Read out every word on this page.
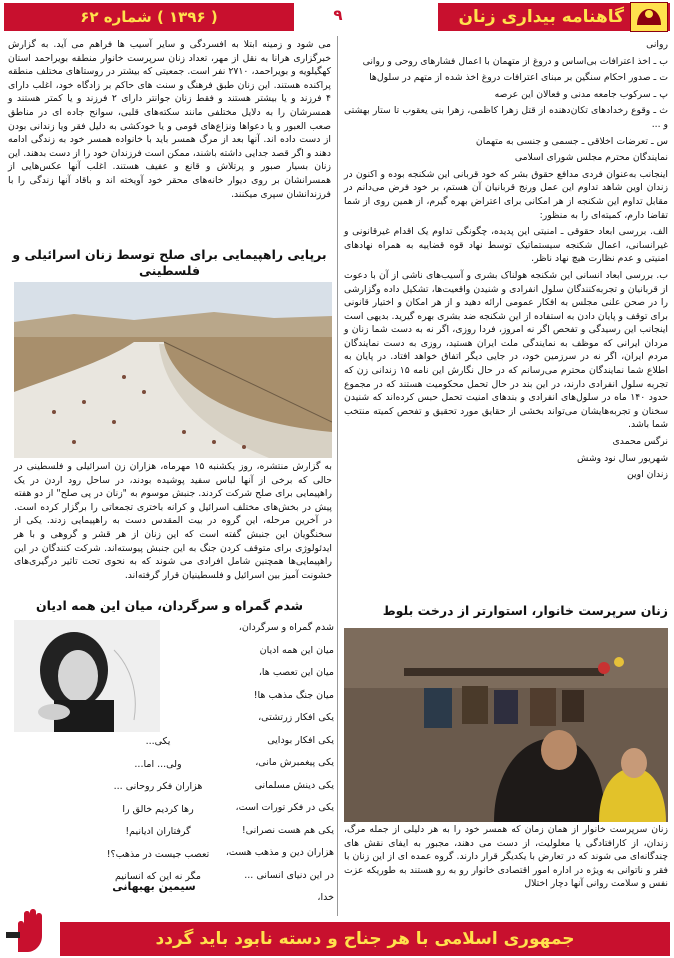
گاهنامه بیداری زنان
۹
( ۱۳۹۶ ) شماره ۶۲

روانی

ب ـ اخذ اعترافات بی‌اساس و دروغ از متهمان با اعمال فشارهای روحی و روانی

ت ـ صدور احکام سنگین بر مبنای اعترافات دروغ اخذ شده از متهم در سلول‌ها

پ ـ سرکوب جامعه مدنی و فعالان این عرصه

ث ـ وقوع رخدادهای تکان‌دهنده از قتل زهرا کاظمی، زهرا بنی یعقوب تا ستار بهشتی و ...

س ـ تعرضات اخلاقی ـ جسمی و جنسی به متهمان

نمایندگان محترم مجلس شورای اسلامی

اینجانب به‌عنوان فردی مدافع حقوق بشر که خود قربانی این شکنجه بوده و اکنون در زندان اوین شاهد تداوم این عمل ورنج قربانیان آن هستم، بر خود فرض می‌دانم در مقابل تداوم این شکنجه از هر امکانی برای اعتراض بهره گیرم، از همین روی از شما تقاضا دارم، کمیته‌ای را به منظور:

الف. بررسی ابعاد حقوقی ـ امنیتی این پدیده، چگونگی تداوم یک اقدام غیرقانونی و غیرانسانی، اعمال شکنجه سیستماتیک توسط نهاد قوه قضاییه به همراه نهادهای امنیتی و عدم نظارت هیچ نهاد ناظر.

ب. بررسی ابعاد انسانی این شکنجه هولناک بشری و آسیب‌های ناشی از آن با دعوت از قربانیان و تجربه‌کنندگان سلول انفرادی و شنیدن واقعیت‌ها، تشکیل داده وگزارشی را در صحن علنی مجلس به افکار عمومی ارائه دهید و از هر امکان و اختیار قانونی برای توقف و پایان دادن به استفاده از این شکنجه ضد بشری بهره گیرید. بدیهی است اینجانب این رسیدگی و تفحص اگر نه امروز، فردا روزی، اگر نه به دست شما زنان و مردان ایرانی که موظف به نمایندگی ملت ایران هستید، روزی به دست نمایندگان مردم ایران، اگر نه در سرزمین خود، در جایی دیگر اتفاق خواهد افتاد. در پایان به اطلاع شما نمایندگان محترم می‌رسانم که در حال نگارش این نامه ۱۵ زندانی زن که تجربه سلول انفرادی دارند، در این بند در حال تحمل محکومیت هستند که در مجموع حدود ۱۴۰ ماه در سلول‌های انفرادی و بندهای امنیت تحمل حبس کرده‌اند که شنیدن سخنان و تجربه‌هایشان می‌تواند بخشی از حقایق مورد تحقیق و تفحص کمیته منتخب شما باشد.

نرگس محمدی

شهریور سال نود وشش

زندان اوین

می شود و زمینه ابتلا به افسردگی و سایر آسیب ها فراهم می آید. به گزارش خبرگزاری هرانا به نقل از مهر، تعداد زنان سرپرست خانوار منطقه بویراحمد استان کهگیلویه و بویراحمد، ۲۷۱۰ نفر است. جمعیتی که بیشتر در روستاهای مختلف منطقه پراکنده هستند. این زنان طبق فرهنگ و سنت های حاکم بر زادگاه خود، اغلب دارای ۴ فرزند و یا بیشتر هستند و فقط زنان جوانتر دارای ۲ فرزند و یا کمتر هستند و همسرشان را به دلایل مختلفی مانند سکته‌های قلبی، سوانح جاده ای در مناطق صعب العبور و یا دعواها ونزاع‌های قومی و یا خودکشی به دلیل فقر ویا زندانی بودن از دست داده اند. آنها بعد از مرگ همسر باید با خانواده همسر خود به زندگی ادامه دهند و اگر قصد جدایی داشته باشند، ممکن است فرزندان خود را از دست بدهند. این زنان بسیار صبور و پرتلاش و قانع و عفیف هستند. اغلب آنها عکس‌هایی از همسرانشان بر روی دیوار خانه‌های محقر خود آویخته اند و باقاد آنها زندگی را با فرزندانشان سپری میکنند.
برپایی راهپیمایی برای صلح توسط زنان اسرائیلی و فلسطینی
به گزارش منتشره، روز یکشنبه ۱۵ مهرماه، هزاران زن اسرائیلی و فلسطینی در حالی که برخی از آنها لباس سفید پوشیده بودند، در ساحل رود اردن در یک راهپیمایی برای صلح شرکت کردند. جنبش موسوم به "زنان در پی صلح" از دو هفته پیش در بخش‌های مختلف اسرائیل و کرانه باختری تجمعاتی را برگزار کرده است. در آخرین مرحله، این گروه در بیت المقدس دست به راهپیمایی زدند. یکی از سخنگویان این جنبش گفته است که این زنان از هر قشر و گروهی و با هر ایدئولوژی برای متوقف کردن جنگ به این جنبش پیوسته‌اند. شرکت کنندگان در این راهپیمایی‌ها همچنین شامل افرادی می شوند که به نحوی تحت تاثیر درگیری‌های خشونت آمیز بین اسرائیل و فلسطینیان قرار گرفته‌اند.
شدم گمراه و سرگردان، میان این همه ادیان
شدم گمراه و سرگردان،
میان این همه ادیان
میان این تعصب ها،
میان جنگ مذهب ها!
یکی افکار زرتشتی،
یکی افکار بودایی
یکی پیغمبرش مانی،
یکی دینش مسلمانی
یکی در فکر تورات است،
یکی هم هست نصرانی!
هزاران دین و مذهب هست،
در این دنیای انسانی ...
خدا،
یکی...
ولی... اما...
هزاران فکر روحانی ...
رها کردیم خالق را
گرفتاران ادیانیم!
تعصب جیست در مذهب؟!
مگر نه این که انسانیم
سیمین بهبهانی
زنان سرپرست خانوار، استوارتر از درخت بلوط
زنان سرپرست خانوار از همان زمان که همسر خود را به هر دلیلی از جمله مرگ، زندان، از کارافتادگی یا معلولیت، از دست می دهند، مجبور به ایفای نقش های چندگانه‌ای می شوند که در تعارض با یکدیگر قرار دارند. گروه عمده ای از این زنان با فقر و ناتوانی به ویژه در اداره امور اقتصادی خانوار رو به رو هستند به طوریکه عزت نفس و سلامت روانی آنها دچار اختلال
جمهوری اسلامی با هر جناح و دسته نابود باید گردد
